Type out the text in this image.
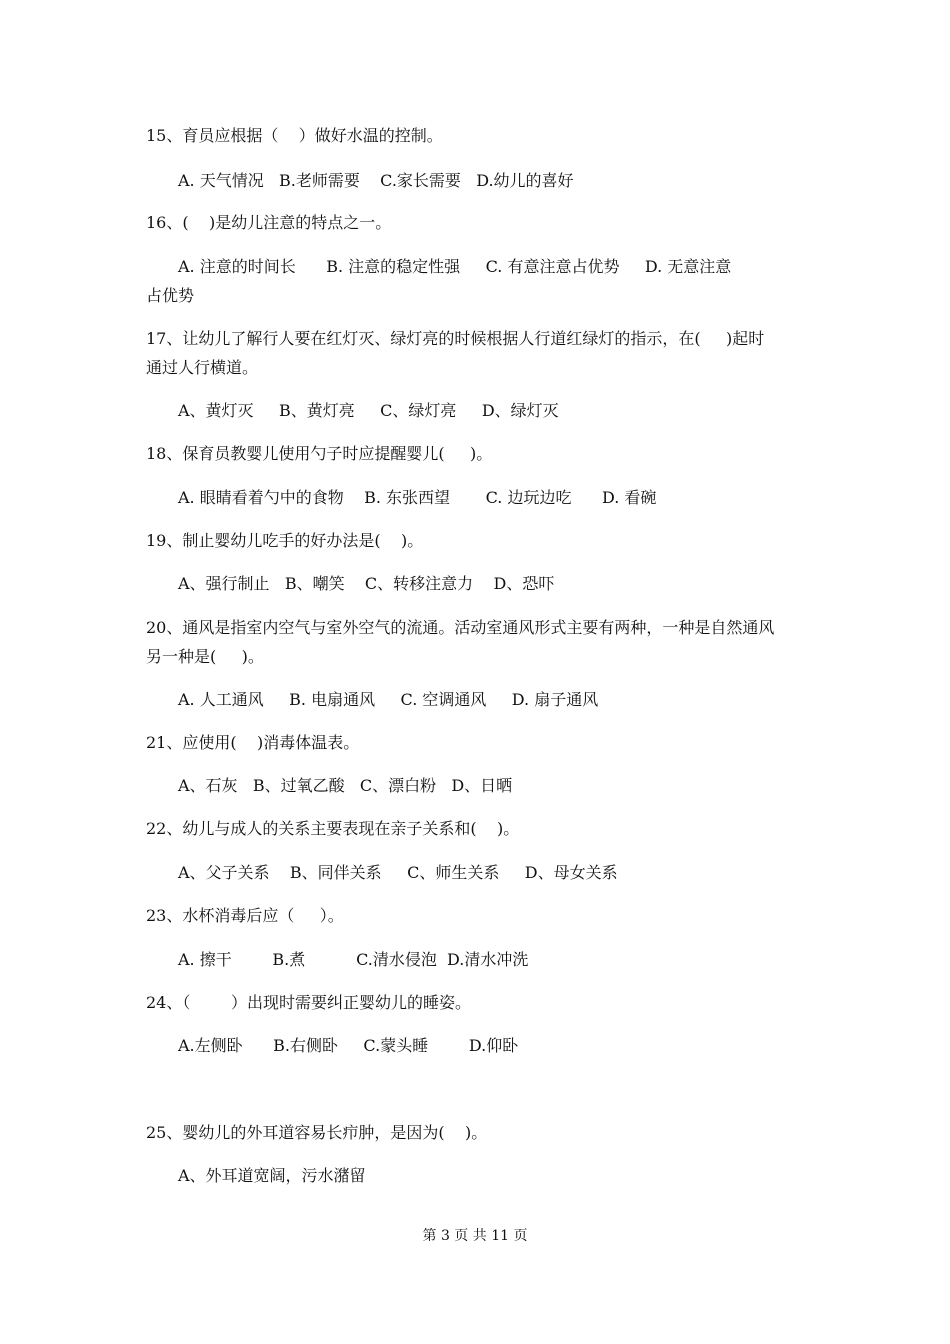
15、育员应根据（    ）做好水温的控制。
A. 天气情况   B.老师需要    C.家长需要   D.幼儿的喜好
16、(    )是幼儿注意的特点之一。
A. 注意的时间长      B. 注意的稳定性强     C. 有意注意占优势     D. 无意注意
占优势
17、让幼儿了解行人要在红灯灭、绿灯亮的时候根据人行道红绿灯的指示，在(     )起时
通过人行横道。
A、黄灯灭     B、黄灯亮     C、绿灯亮     D、绿灯灭
18、保育员教婴儿使用勺子时应提醒婴儿(     )。
A. 眼睛看着勺中的食物    B. 东张西望       C. 边玩边吃      D. 看碗
19、制止婴幼儿吃手的好办法是(    )。
A、强行制止   B、嘲笑    C、转移注意力    D、恐吓
20、通风是指室内空气与室外空气的流通。活动室通风形式主要有两种，一种是自然通风
另一种是(     )。
A. 人工通风     B. 电扇通风     C. 空调通风     D. 扇子通风
21、应使用(    )消毒体温表。
A、石灰   B、过氧乙酸   C、漂白粉   D、日晒
22、幼儿与成人的关系主要表现在亲子关系和(    )。
A、父子关系    B、同伴关系     C、师生关系     D、母女关系
23、水杯消毒后应（     ）。
A. 擦干        B.煮          C.清水侵泡  D.清水冲洗
24、（        ）出现时需要纠正婴幼儿的睡姿。
A.左侧卧      B.右侧卧     C.蒙头睡        D.仰卧
25、婴幼儿的外耳道容易长疖肿，是因为(    )。
A、外耳道宽阔，污水潴留
第 3 页 共 11 页
